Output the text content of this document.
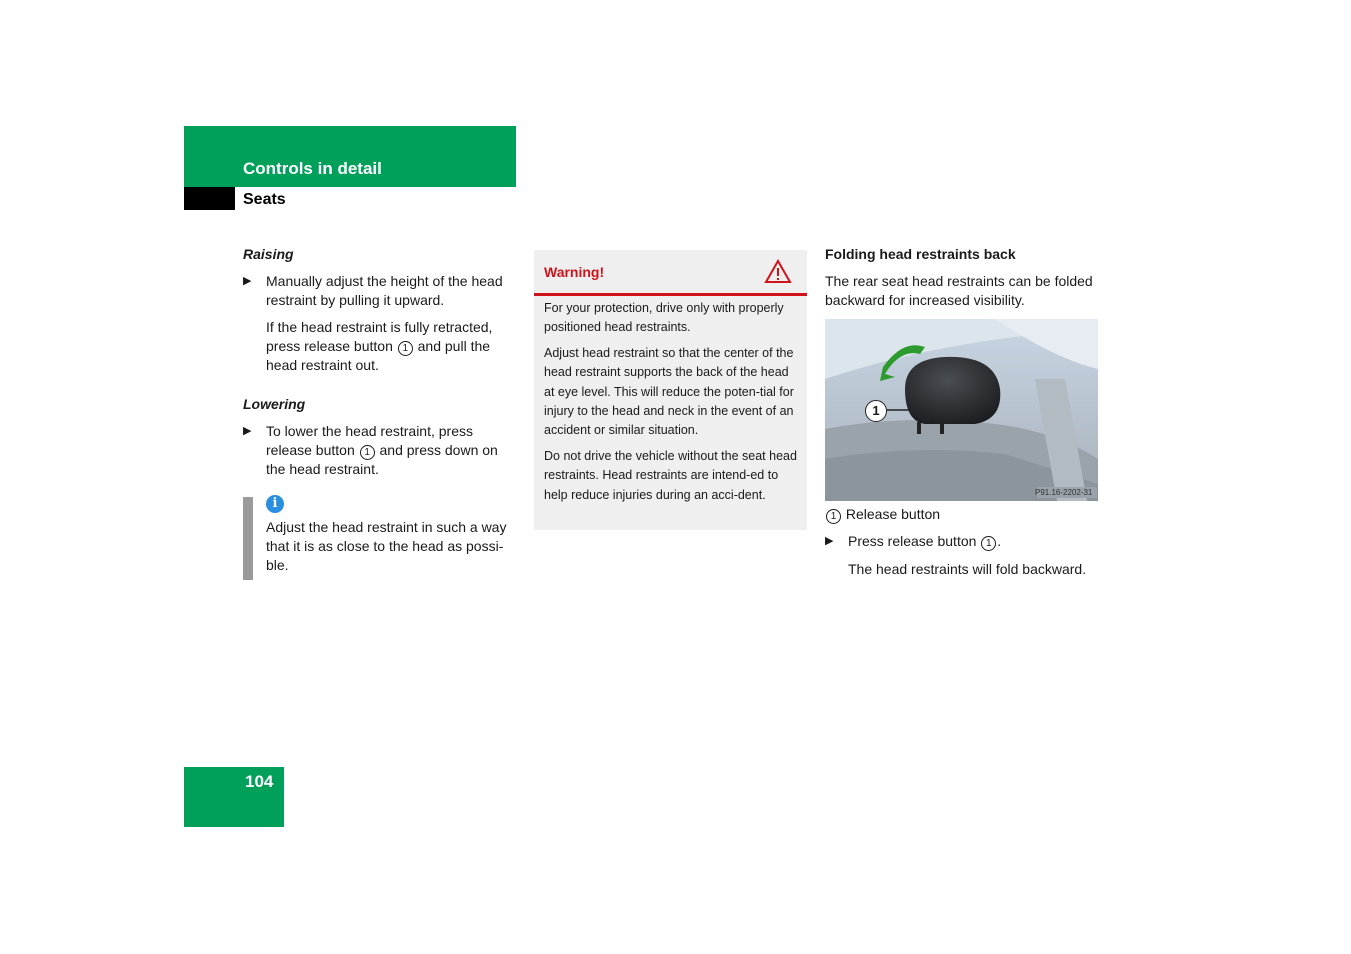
Controls in detail
Seats
Raising
▶ Manually adjust the height of the head restraint by pulling it upward.
If the head restraint is fully retracted, press release button 1 and pull the head restraint out.
Lowering
▶ To lower the head restraint, press release button 1 and press down on the head restraint.
i
Adjust the head restraint in such a way that it is as close to the head as possi-ble.
Warning!

For your protection, drive only with properly positioned head restraints.

Adjust head restraint so that the center of the head restraint supports the back of the head at eye level. This will reduce the poten-tial for injury to the head and neck in the event of an accident or similar situation.

Do not drive the vehicle without the seat head restraints. Head restraints are intend-ed to help reduce injuries during an acci-dent.

Folding head restraints back
The rear seat head restraints can be folded backward for increased visibility.
1
P91.16-2202-31
1 Release button
▶ Press release button 1 .
The head restraints will fold backward.
104
